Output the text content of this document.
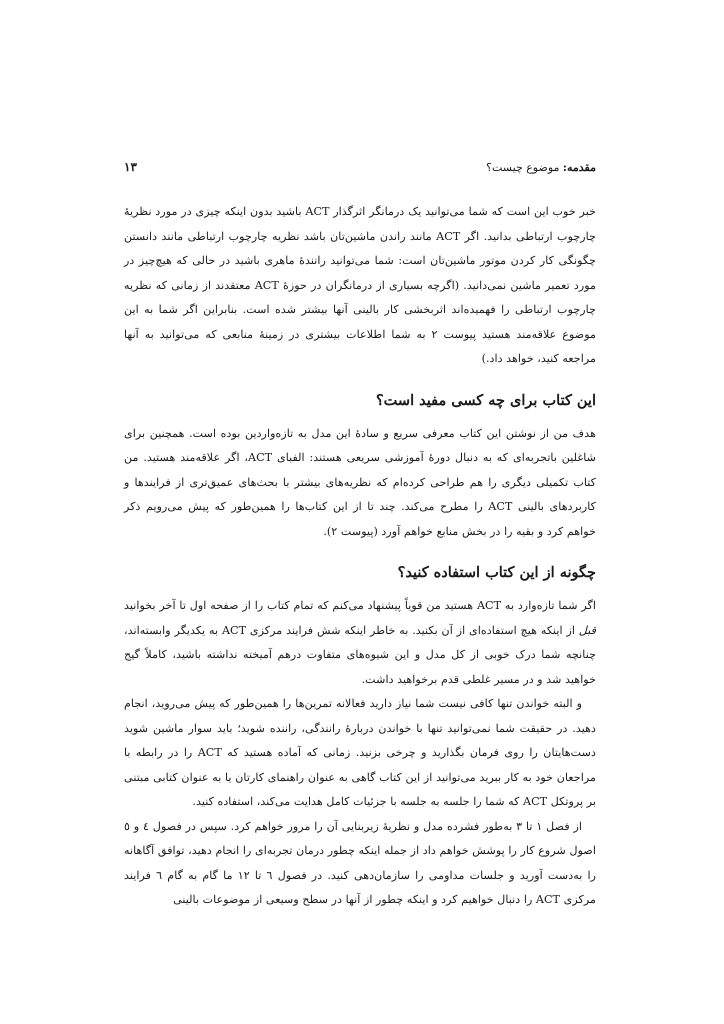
مقدمه: موضوع چیست؟
۱۳

خبر خوب این است که شما می‌توانید یک درمانگر اثرگذار ACT باشید بدون اینکه چیزی در مورد نظریهٔ چارچوب ارتباطی بدانید. اگر ACT مانند راندن ماشین‌تان باشد نظریه چارچوب ارتباطی مانند دانستن چگونگی کار کردن موتور ماشین‌تان است: شما می‌توانید رانندهٔ ماهری باشید در حالی که هیچ‌چیز در مورد تعمیر ماشین نمی‌دانید. (اگرچه بسیاری از درمانگران در حوزهٔ ACT معتقدند از زمانی که نظریه چارچوب ارتباطی را فهمیده‌اند اثربخشی کار بالینی آنها بیشتر شده است. بنابراین اگر شما به این موضوع علاقه‌مند هستید پیوست ۲ به شما اطلاعات بیشتری در زمینهٔ منابعی که می‌توانید به آنها مراجعه کنید، خواهد داد.)

این کتاب برای چه کسی مفید است؟

هدف من از نوشتن این کتاب معرفی سریع و سادهٔ این مدل به تازه‌واردین بوده است. همچنین برای شاغلین باتجربه‌ای که به دنبال دورهٔ آموزشی سریعی هستند: الفبای ACT، اگر علاقه‌مند هستید. من کتاب تکمیلی دیگری را هم طراحی کرده‌ام که نظریه‌های بیشتر با بحث‌های عمیق‌تری از فرایندها و کاربردهای بالینی ACT را مطرح می‌کند. چند تا از این کتاب‌ها را همین‌طور که پیش می‌رویم ذکر خواهم کرد و بقیه را در بخش منابع خواهم آورد (پیوست ۲).

چگونه از این کتاب استفاده کنید؟

اگر شما تازه‌وارد به ACT هستید من قویاً پیشنهاد می‌کنم که تمام کتاب را از صفحه اول تا آخر بخوانید قبل از اینکه هیچ استفاده‌ای از آن بکنید. به خاطر اینکه شش فرایند مرکزی ACT به یکدیگر وابسته‌اند، چنانچه شما درک خوبی از کل مدل و این شیوه‌های متفاوت درهم آمیخته نداشته باشید، کاملاً گیج خواهید شد و در مسیر غلطی قدم برخواهید داشت.

و البته خواندن تنها کافی نیست شما نیاز دارید فعالانه تمرین‌ها را همین‌طور که پیش می‌روید، انجام دهید. در حقیقت شما نمی‌توانید تنها با خواندن دربارهٔ رانندگی، راننده شوید؛ باید سوار ماشین شوید دست‌هایتان را روی فرمان بگذارید و چرخی بزنید. زمانی که آماده هستید که ACT را در رابطه با مراجعان خود به کار ببرید می‌توانید از این کتاب گاهی به عنوان راهنمای کارتان یا به عنوان کتابی مبتنی بر پروتکل ACT که شما را جلسه به جلسه با جزئیات کامل هدایت می‌کند، استفاده کنید.

از فصل ۱ تا ۳ به‌طور فشرده مدل و نظریهٔ زیربنایی آن را مرور خواهم کرد. سپس در فصول ٤ و ٥ اصول شروع کار را پوشش خواهم داد از جمله اینکه چطور درمان تجربه‌ای را انجام دهید، توافق آگاهانه را به‌دست آورید و جلسات مداومی را سازمان‌دهی کنید. در فصول ٦ تا ١٢ ما گام به گام ٦ فرایند مرکزی ACT را دنبال خواهیم کرد و اینکه چطور از آنها در سطح وسیعی از موضوعات بالینی
